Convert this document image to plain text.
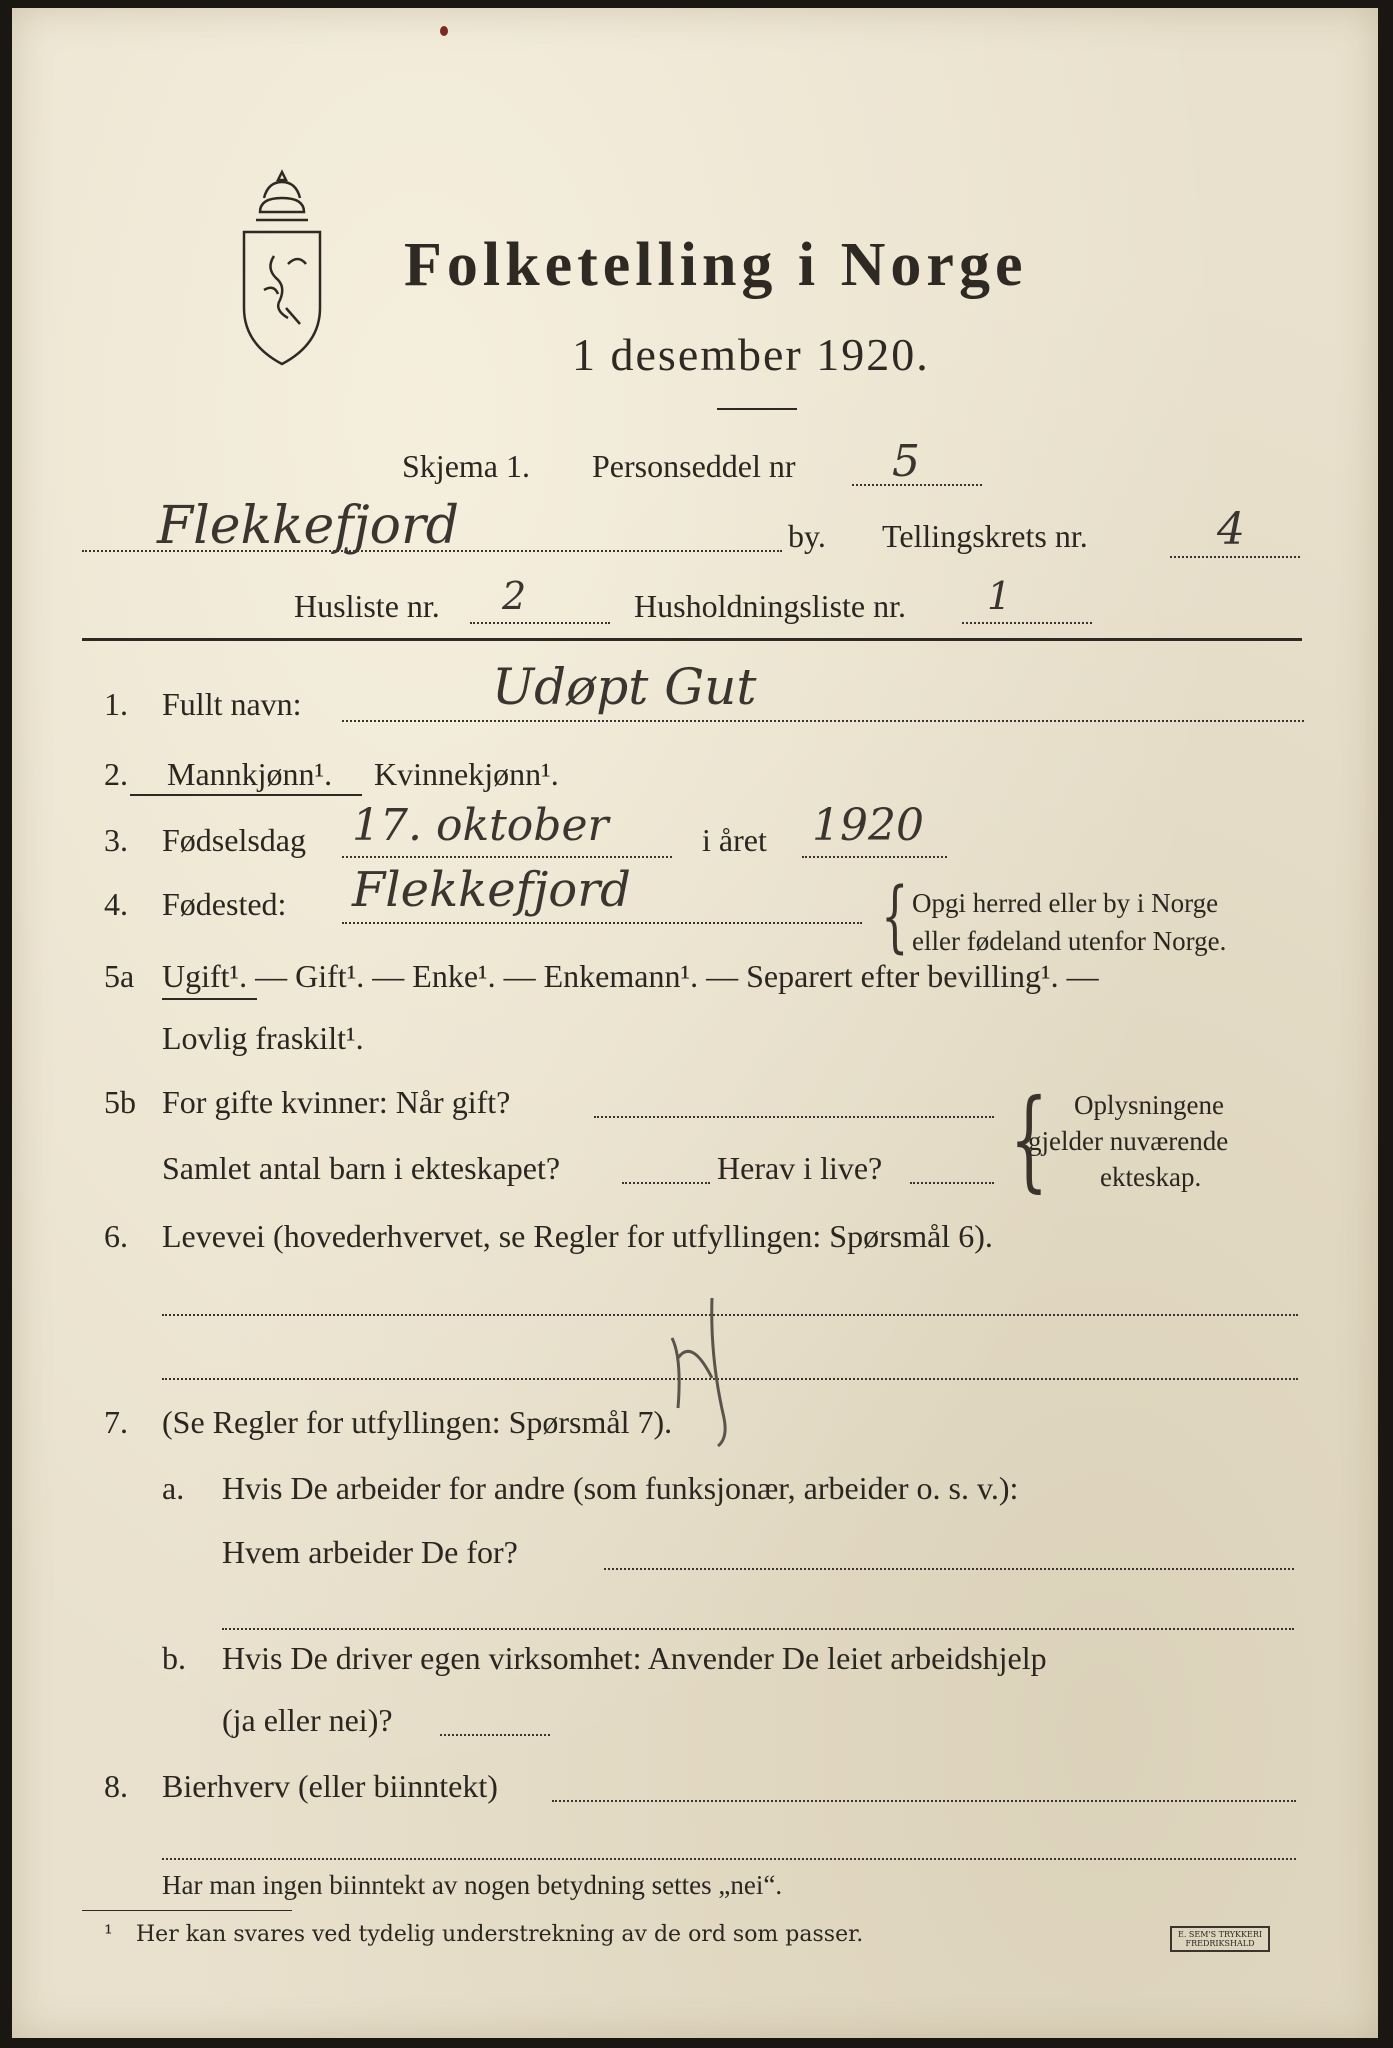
Folketelling i Norge
1 desember 1920.
Skjema 1. Personseddel nr 5
Flekkefjord	by. Tellingskrets nr.	4
Husliste nr. 2	Husholdningsliste nr. 1
1. Fullt navn:	Udøpt Gut
2. Mannkjønn¹. Kvinnekjønn¹.
3. Fødselsdag 17. oktober	i året 1920
4. Fødested: Flekkefjord	{ Opgi herred eller by i Norge
eller fødeland utenfor Norge.
5a Ugift¹. — Gift¹. — Enke¹. — Enkemann¹. — Separert efter bevilling¹. —
Lovlig fraskilt¹.
5b For gifte kvinner: Når gift?
Samlet antal barn i ekteskapet?	Herav i live? { Oplysningene
gjelder nuværende
ekteskap.
6. Levevei (hovederhvervet, se Regler for utfyllingen: Spørsmål 6).
7. (Se Regler for utfyllingen: Spørsmål 7).
a. Hvis De arbeider for andre (som funksjonær, arbeider o. s. v.):
Hvem arbeider De for?
b. Hvis De driver egen virksomhet: Anvender De leiet arbeidshjelp
(ja eller nei)?
8. Bierhverv (eller biinntekt)
Har man ingen biinntekt av nogen betydning settes „nei“.
¹ Her kan svares ved tydelig understrekning av de ord som passer.	E. SEM'S TRYKKERI
FREDRIKSHALD
